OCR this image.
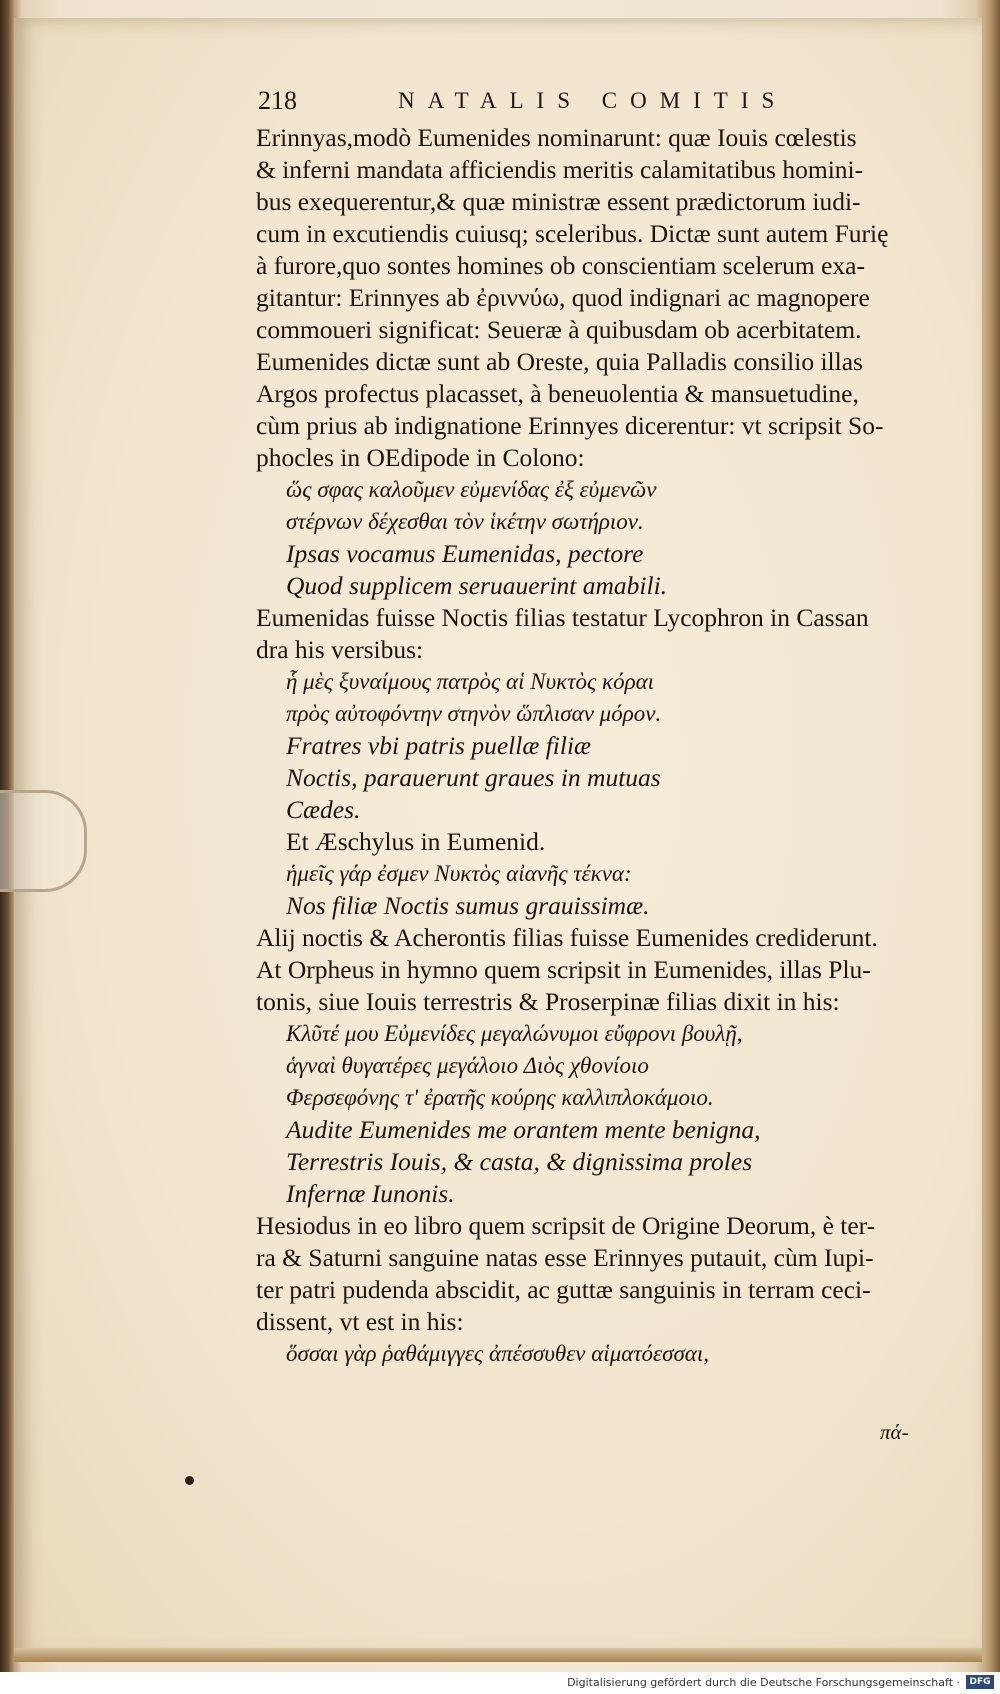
218	NATALIS COMITIS
Erinnyas,modò Eumenides nominarunt: quæ Iouis cœlestis
& inferni mandata afficiendis meritis calamitatibus homini-
bus exequerentur,& quæ ministræ essent prædictorum iudi-
cum in excutiendis cuiusq; sceleribus. Dictæ sunt autem Furię
à furore,quo sontes homines ob conscientiam scelerum exa-
gitantur: Erinnyes ab ἐριννύω, quod indignari ac magnopere
commoueri significat: Seueræ à quibusdam ob acerbitatem.
Eumenides dictæ sunt ab Oreste, quia Palladis consilio illas
Argos profectus placasset, à beneuolentia & mansuetudine,
cùm prius ab indignatione Erinnyes dicerentur: vt scripsit So-
phocles in OEdipode in Colono:
ὥς σφας καλοῦμεν εὐμενίδας ἐξ εὐμενῶν
στέρνων δέχεσθαι τὸν ἱκέτην σωτήριον.
Ipsas vocamus Eumenidas, pectore
Quod supplicem seruauerint amabili.
Eumenidas fuisse Noctis filias testatur Lycophron in Cassan
dra his versibus:
ἧ μὲς ξυναίμους πατρὸς αἱ Νυκτὸς κόραι
πρὸς αὐτοφόντην στηνὸν ὥπλισαν μόρον.
Fratres vbi patris puellæ filiæ
Noctis, parauerunt graues in mutuas
Cædes.
Et Æschylus in Eumenid.
ἡμεῖς γάρ ἐσμεν Νυκτὸς αἰανῆς τέκνα:
Nos filiæ Noctis sumus grauissimæ.
Alij noctis & Acherontis filias fuisse Eumenides crediderunt.
At Orpheus in hymno quem scripsit in Eumenides, illas Plu-
tonis, siue Iouis terrestris & Proserpinæ filias dixit in his:
Κλῦτέ μου Εὐμενίδες μεγαλώνυμοι εὔφρονι βουλῇ,
ἁγναὶ θυγατέρες μεγάλοιο Διὸς χθονίοιο
Φερσεφόνης τ' ἐρατῆς κούρης καλλιπλοκάμοιο.
Audite Eumenides me orantem mente benigna,
Terrestris Iouis, & casta, & dignissima proles
Infernæ Iunonis.
Hesiodus in eo libro quem scripsit de Origine Deorum, è ter-
ra & Saturni sanguine natas esse Erinnyes putauit, cùm Iupi-
ter patri pudenda abscidit, ac guttæ sanguinis in terram ceci-
dissent, vt est in his:
ὅσσαι γὰρ ῥαθάμιγγες ἀπέσσυθεν αἱματόεσσαι,
πά-
Digitalisierung gefördert durch die Deutsche Forschungsgemeinschaft ·	DFG
